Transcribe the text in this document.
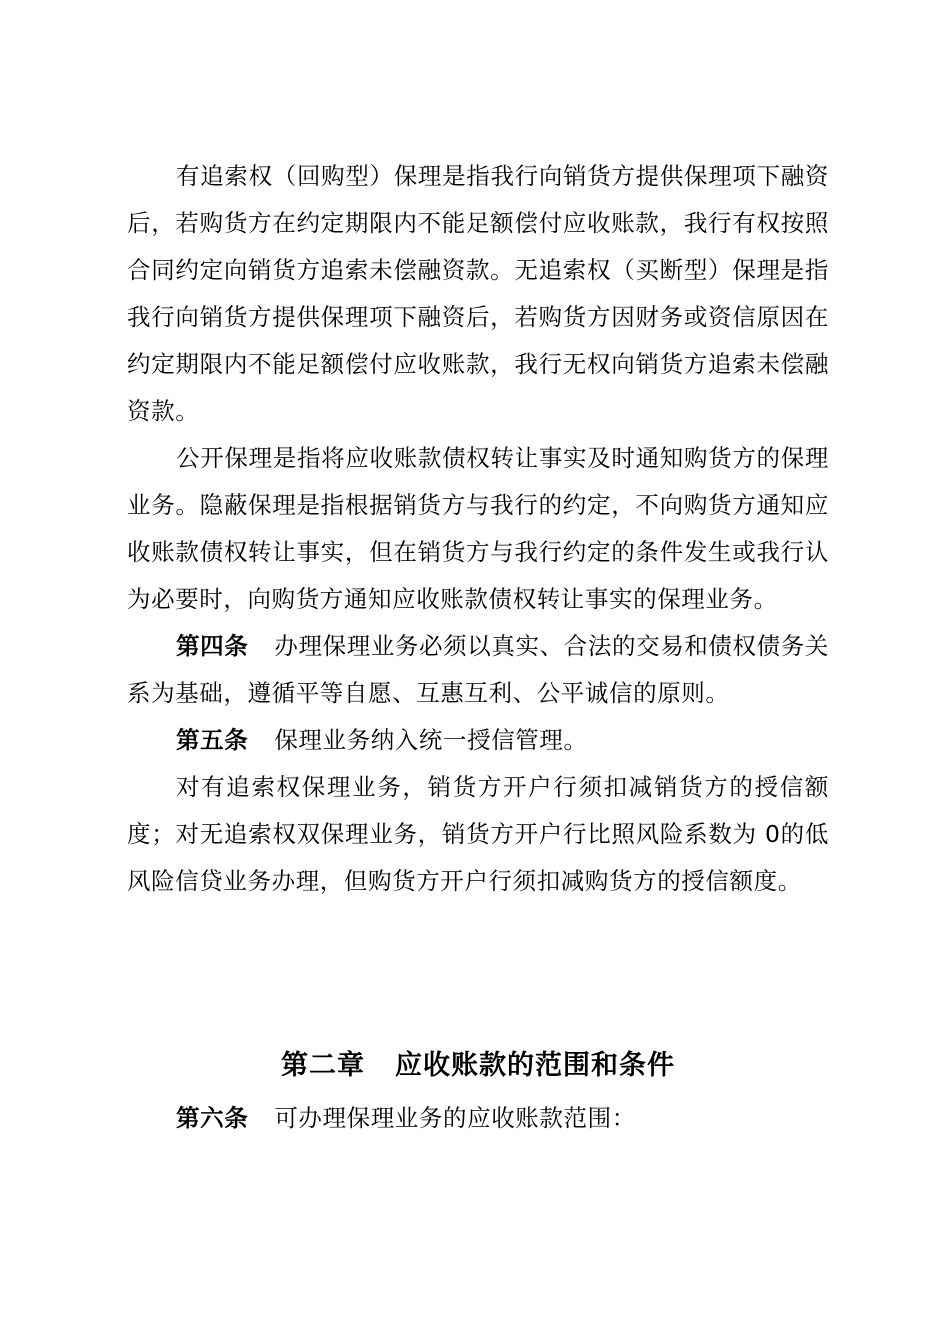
有追索权（回购型）保理是指我行向销货方提供保理项下融资后，若购货方在约定期限内不能足额偿付应收账款，我行有权按照合同约定向销货方追索未偿融资款。无追索权（买断型）保理是指我行向销货方提供保理项下融资后，若购货方因财务或资信原因在约定期限内不能足额偿付应收账款，我行无权向销货方追索未偿融资款。

公开保理是指将应收账款债权转让事实及时通知购货方的保理业务。隐蔽保理是指根据销货方与我行的约定，不向购货方通知应收账款债权转让事实，但在销货方与我行约定的条件发生或我行认为必要时，向购货方通知应收账款债权转让事实的保理业务。

第四条 办理保理业务必须以真实、合法的交易和债权债务关系为基础，遵循平等自愿、互惠互利、公平诚信的原则。

第五条 保理业务纳入统一授信管理。

对有追索权保理业务，销货方开户行须扣减销货方的授信额度；对无追索权双保理业务，销货方开户行比照风险系数为 0的低风险信贷业务办理，但购货方开户行须扣减购货方的授信额度。

第二章 应收账款的范围和条件

第六条 可办理保理业务的应收账款范围：
